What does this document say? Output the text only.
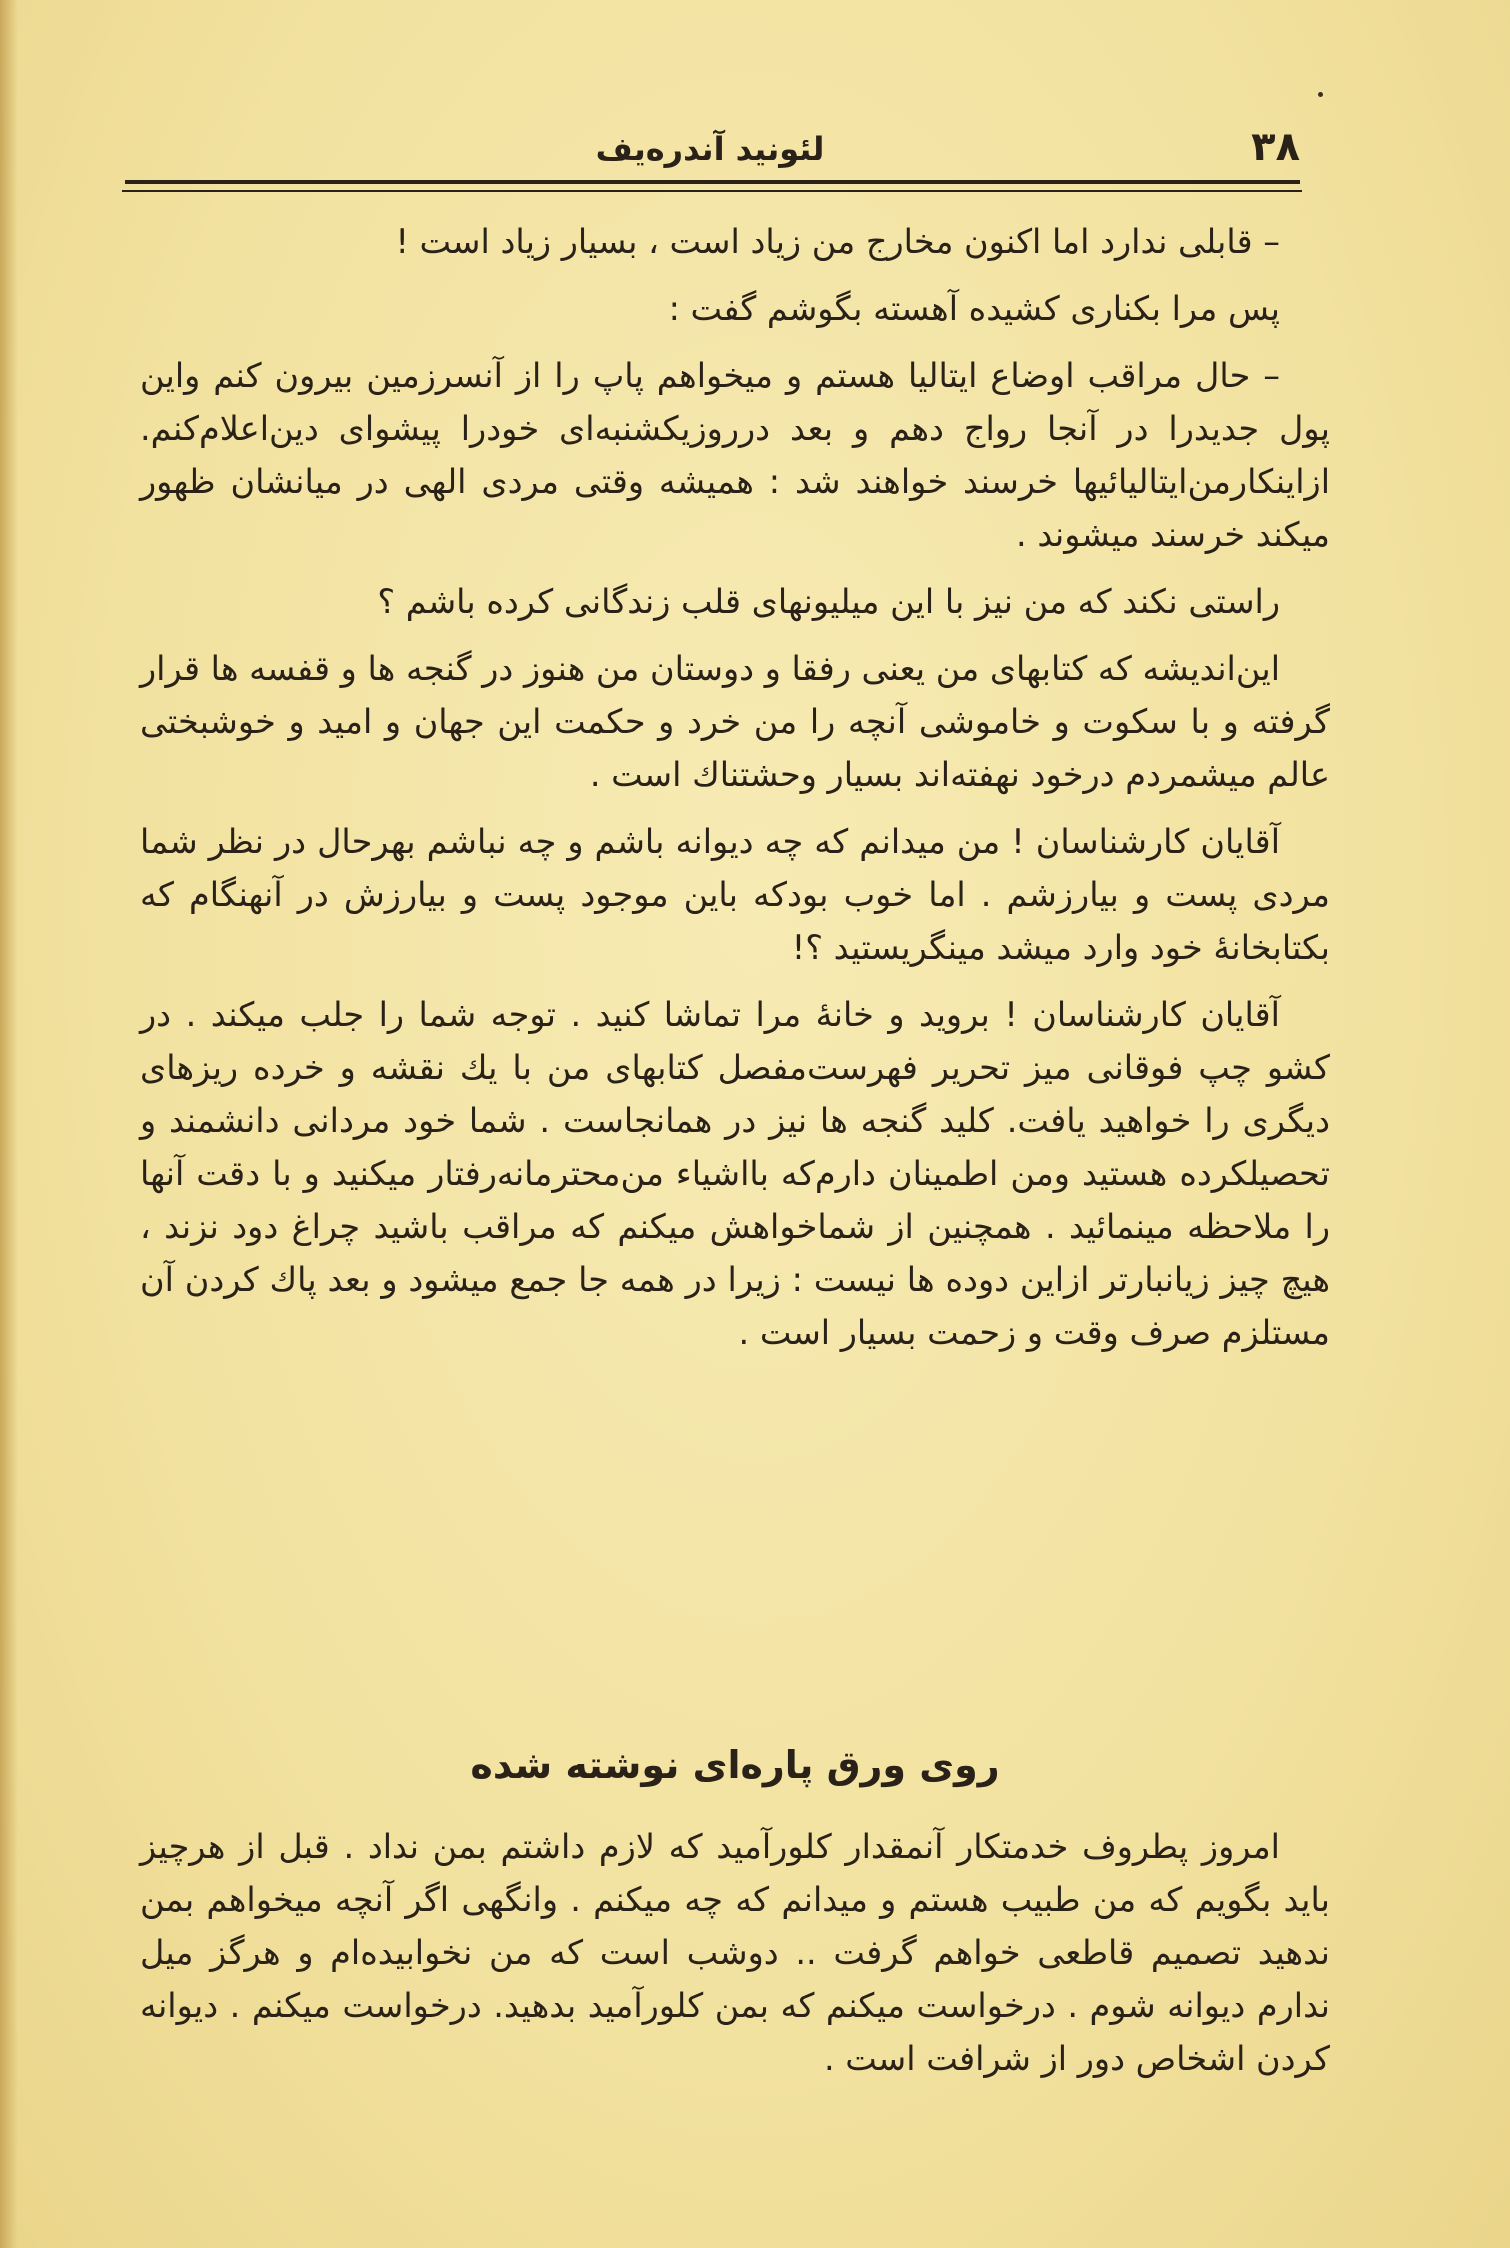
۳۸
لئونید آندره‌یف

– قابلی ندارد اما اکنون مخارج من زیاد است ، بسیار زیاد است !

پس مرا بکناری کشیده آهسته بگوشم گفت :

– حال مراقب اوضاع ایتالیا هستم و میخواهم پاپ را از آنسرزمین بیرون کنم واین پول جدیدرا در آنجا رواج دهم و بعد درروزیکشنبه‌ای خودرا پیشوای دین‌اعلام‌کنم. ازاینکارمن‌ایتالیائیها خرسند خواهند شد : همیشه وقتی مردی الهی در میانشان ظهور میکند خرسند میشوند .

راستی نکند که من نیز با این میلیونهای قلب زندگانی کرده باشم ؟

این‌اندیشه که کتابهای من یعنی رفقا و دوستان من هنوز در گنجه ها و قفسه ها قرار گرفته و با سکوت و خاموشی آنچه را من خرد و حکمت این جهان و امید و خوشبختی عالم میشمردم درخود نهفته‌اند بسیار وحشتناك است .

آقایان کارشناسان ! من میدانم که چه دیوانه باشم و چه نباشم بهرحال در نظر شما مردی پست و بیارزشم . اما خوب بودکه باین موجود پست و بیارزش در آنهنگام که بکتابخانهٔ خود وارد میشد مینگریستید ؟!

آقایان کارشناسان ! بروید و خانهٔ مرا تماشا کنید . توجه شما را جلب میکند . در کشو چپ فوقانی میز تحریر فهرست‌مفصل کتابهای من با یك نقشه و خرده ریزهای دیگری را خواهید یافت. کلید گنجه ها نیز در همانجاست . شما خود مردانی دانشمند و تحصیلکرده هستید ومن اطمینان دارم‌که بااشیاء من‌محترمانه‌رفتار میکنید و با دقت آنها را ملاحظه مینمائید . همچنین از شماخواهش میکنم که مراقب باشید چراغ دود نزند ، هیچ چیز زیانبارتر ازاین دوده ها نیست : زیرا در همه جا جمع میشود و بعد پاك کردن آن مستلزم صرف وقت و زحمت بسیار است .

روی ورق پاره‌ای نوشته شده

امروز پطروف خدمتکار آنمقدار کلورآمید که لازم داشتم بمن نداد . قبل از هرچیز باید بگویم که من طبیب هستم و میدانم که چه میکنم . وانگهی اگر آنچه میخواهم بمن ندهید تصمیم قاطعی خواهم گرفت .. دوشب است که من نخوابیده‌ام و هرگز میل ندارم دیوانه شوم . درخواست میکنم که بمن کلورآمید بدهید. درخواست میکنم . دیوانه کردن اشخاص دور از شرافت است .
